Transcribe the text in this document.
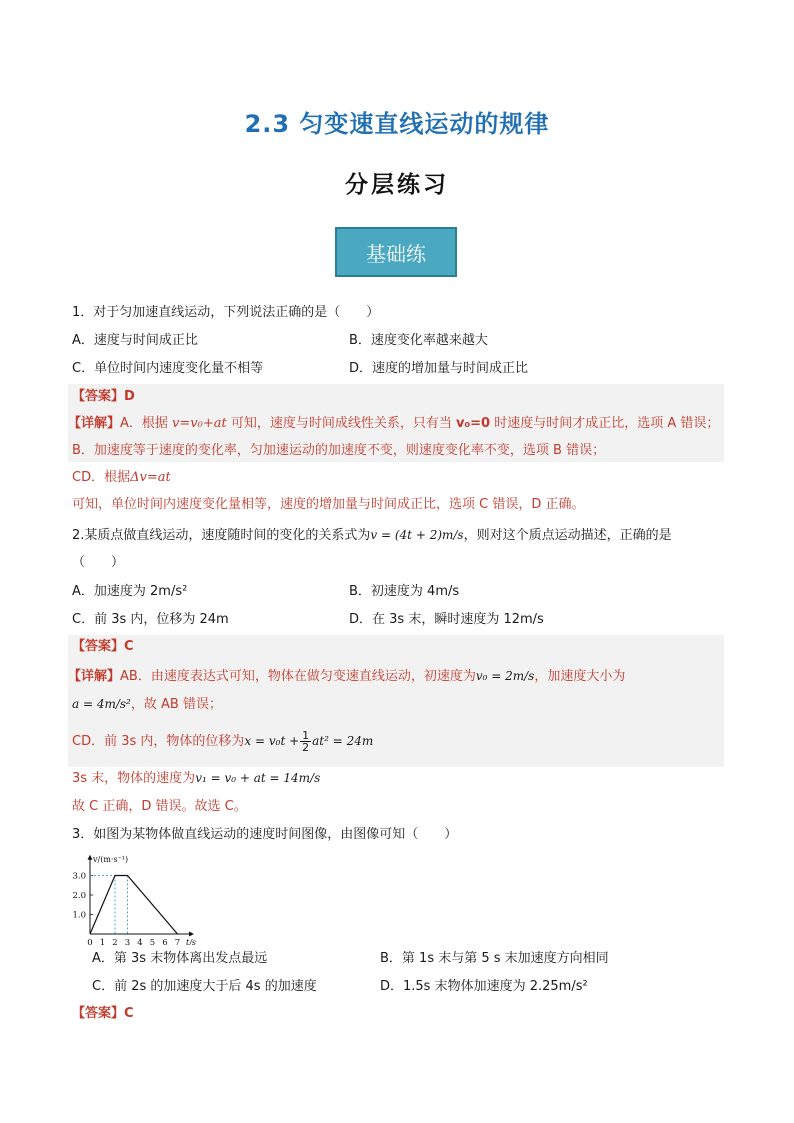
2.3 匀变速直线运动的规律
分层练习
基础练
1．对于匀加速直线运动，下列说法正确的是（　　）
A．速度与时间成正比	B．速度变化率越来越大
C．单位时间内速度变化量不相等	D．速度的增加量与时间成正比
【答案】D
【详解】A．根据 v=v₀+at 可知，速度与时间成线性关系，只有当 v₀=0 时速度与时间才成正比，选项 A 错误；
B．加速度等于速度的变化率，匀加速运动的加速度不变，则速度变化率不变，选项 B 错误；
CD．根据Δv=at
可知，单位时间内速度变化量相等，速度的增加量与时间成正比，选项 C 错误，D 正确。
2.某质点做直线运动，速度随时间的变化的关系式为v = (4t + 2)m/s，则对这个质点运动描述，正确的是
（　　）
A．加速度为 2m/s²	B．初速度为 4m/s
C．前 3s 内，位移为 24m	D．在 3s 末，瞬时速度为 12m/s
【答案】C
【详解】AB．由速度表达式可知，物体在做匀变速直线运动，初速度为v₀ = 2m/s，加速度大小为
a = 4m/s²，故 AB 错误；
CD．前 3s 内，物体的位移为$x = v_0t + \frac{1}{2} at^2 = 24m$
3s 末，物体的速度为v₁ = v₀ + at = 14m/s
故 C 正确，D 错误。故选 C。
3．如图为某物体做直线运动的速度时间图像，由图像可知（　　）
v/(m·s⁻¹)
t/s
0 1 2 3 4 5 6 7
1.0
2.0
3.0
A．第 3s 末物体离出发点最远	B．第 1s 末与第 5 s 末加速度方向相同
C．前 2s 的加速度大于后 4s 的加速度	D．1.5s 末物体加速度为 2.25m/s²
【答案】C
